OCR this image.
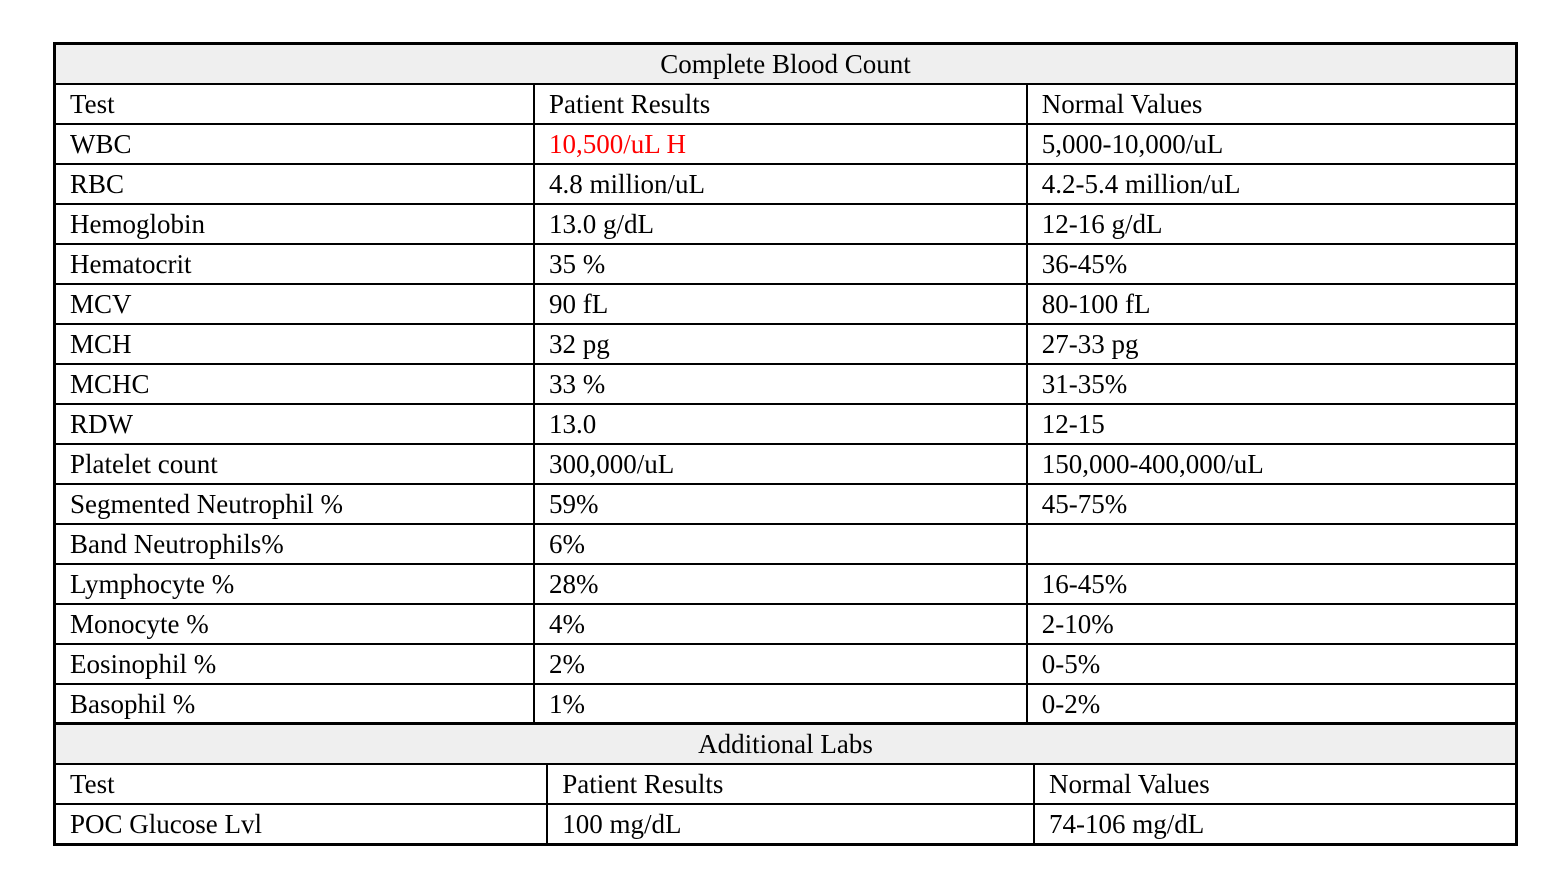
Complete Blood Count		
Test	Patient Results	Normal Values
WBC	10,500/uL H	5,000-10,000/uL
RBC	4.8 million/uL	4.2-5.4 million/uL
Hemoglobin	13.0 g/dL	12-16 g/dL
Hematocrit	35 %	36-45%
MCV	90 fL	80-100 fL
MCH	32 pg	27-33 pg
MCHC	33 %	31-35%
RDW	13.0	12-15
Platelet count	300,000/uL	150,000-400,000/uL
Segmented Neutrophil %	59%	45-75%
Band Neutrophils%	6%	
Lymphocyte %	28%	16-45%
Monocyte %	4%	2-10%
Eosinophil %	2%	0-5%
Basophil %	1%	0-2%
Additional Labs		
Test	Patient Results	Normal Values
POC Glucose Lvl	100 mg/dL	74-106 mg/dL
